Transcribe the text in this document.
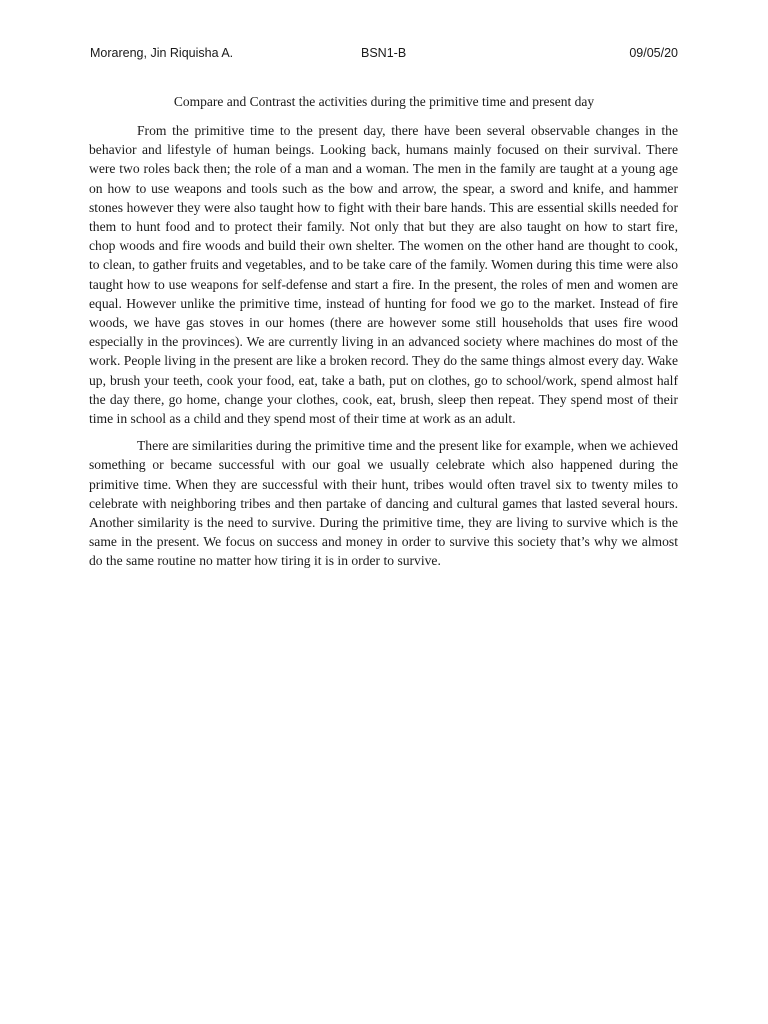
Morareng, Jin Riquisha A.	BSN1-B	09/05/20
Compare and Contrast the activities during the primitive time and present day

From the primitive time to the present day, there have been several observable changes in the behavior and lifestyle of human beings. Looking back, humans mainly focused on their survival. There were two roles back then; the role of a man and a woman. The men in the family are taught at a young age on how to use weapons and tools such as the bow and arrow, the spear, a sword and knife, and hammer stones however they were also taught how to fight with their bare hands. This are essential skills needed for them to hunt food and to protect their family. Not only that but they are also taught on how to start fire, chop woods and fire woods and build their own shelter. The women on the other hand are thought to cook, to clean, to gather fruits and vegetables, and to be take care of the family. Women during this time were also taught how to use weapons for self-defense and start a fire. In the present, the roles of men and women are equal. However unlike the primitive time, instead of hunting for food we go to the market. Instead of fire woods, we have gas stoves in our homes (there are however some still households that uses fire wood especially in the provinces). We are currently living in an advanced society where machines do most of the work. People living in the present are like a broken record. They do the same things almost every day. Wake up, brush your teeth, cook your food, eat, take a bath, put on clothes, go to school/work, spend almost half the day there, go home, change your clothes, cook, eat, brush, sleep then repeat. They spend most of their time in school as a child and they spend most of their time at work as an adult.

There are similarities during the primitive time and the present like for example, when we achieved something or became successful with our goal we usually celebrate which also happened during the primitive time. When they are successful with their hunt, tribes would often travel six to twenty miles to celebrate with neighboring tribes and then partake of dancing and cultural games that lasted several hours. Another similarity is the need to survive. During the primitive time, they are living to survive which is the same in the present. We focus on success and money in order to survive this society that’s why we almost do the same routine no matter how tiring it is in order to survive.
